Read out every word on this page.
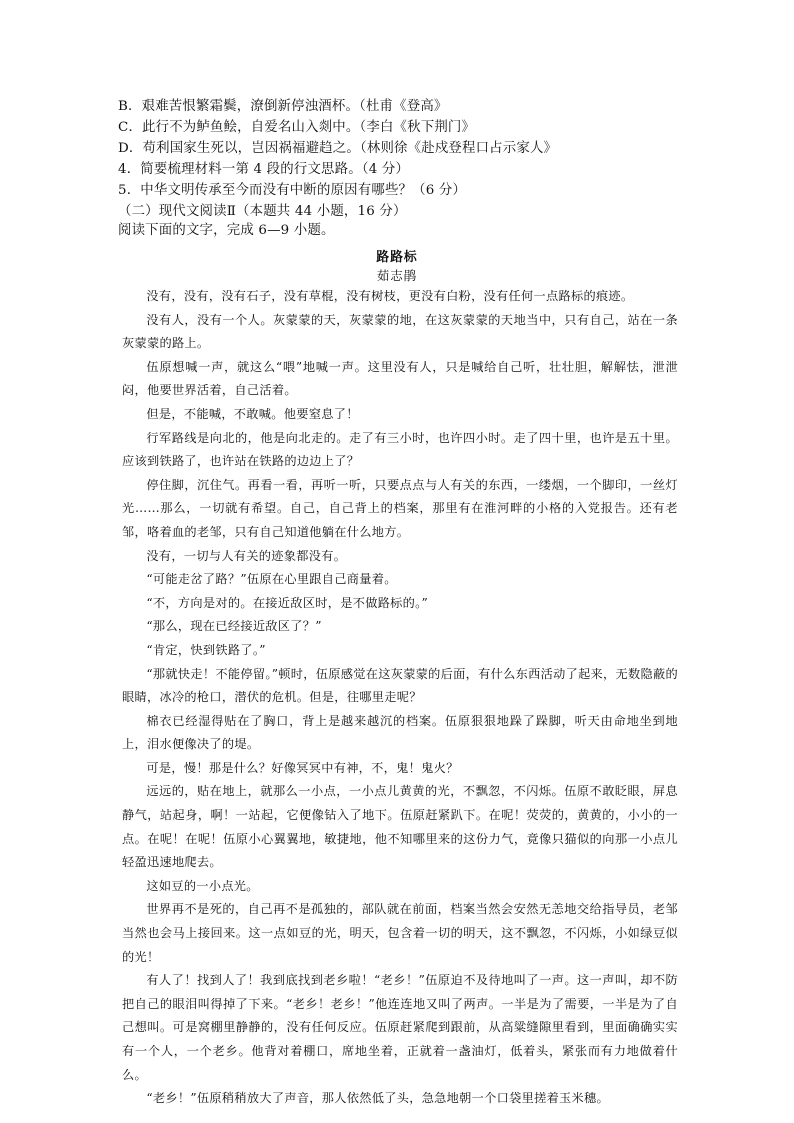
B．艰难苦恨繁霜鬓，潦倒新停浊酒杯。（杜甫《登高》
C．此行不为鲈鱼鲙，自爱名山入剡中。（李白《秋下荆门》
D．苟利国家生死以，岂因祸福避趋之。（林则徐《赴戍登程口占示家人》
4．简要梳理材料一第 4 段的行文思路。（4 分）
5．中华文明传承至今而没有中断的原因有哪些？（6 分）
（二）现代文阅读Ⅱ（本题共 44 小题，16 分）
阅读下面的文字，完成 6—9 小题。
路路标
茹志鹃

没有，没有，没有石子，没有草棍，没有树枝，更没有白粉，没有任何一点路标的痕迹。

没有人，没有一个人。灰蒙蒙的天，灰蒙蒙的地，在这灰蒙蒙的天地当中，只有自己，站在一条灰蒙蒙的路上。

伍原想喊一声，就这么“喂”地喊一声。这里没有人，只是喊给自己听，壮壮胆，解解怯，泄泄闷，他要世界活着，自己活着。

但是，不能喊，不敢喊。他要窒息了！

行军路线是向北的，他是向北走的。走了有三小时，也许四小时。走了四十里，也许是五十里。应该到铁路了，也许站在铁路的边边上了？

停住脚，沉住气。再看一看，再听一听，只要点点与人有关的东西，一缕烟，一个脚印，一丝灯光……那么，一切就有希望。自己，自己背上的档案，那里有在淮河畔的小格的入党报告。还有老邹，咯着血的老邹，只有自己知道他躺在什么地方。

没有，一切与人有关的迹象都没有。

“可能走岔了路？”伍原在心里跟自己商量着。

“不，方向是对的。在接近敌区时，是不做路标的。”

“那么，现在已经接近敌区了？”

“肯定，快到铁路了。”

“那就快走！不能停留。”顿时，伍原感觉在这灰蒙蒙的后面，有什么东西活动了起来，无数隐蔽的眼睛，冰冷的枪口，潜伏的危机。但是，往哪里走呢？

棉衣已经湿得贴在了胸口，背上是越来越沉的档案。伍原狠狠地跺了跺脚，听天由命地坐到地上，泪水便像决了的堤。

可是，慢！那是什么？好像冥冥中有神，不，鬼！鬼火？

远远的，贴在地上，就那么一小点，一小点儿黄黄的光，不飘忽，不闪烁。伍原不敢眨眼，屏息静气，站起身，啊！一站起，它便像钻入了地下。伍原赶紧趴下。在呢！荧荧的，黄黄的，小小的一点。在呢！在呢！伍原小心翼翼地，敏捷地，他不知哪里来的这份力气，竟像只猫似的向那一小点儿轻盈迅速地爬去。

这如豆的一小点光。

世界再不是死的，自己再不是孤独的，部队就在前面，档案当然会安然无恙地交给指导员，老邹当然也会马上接回来。这一点如豆的光，明天，包含着一切的明天，这不飘忽，不闪烁，小如绿豆似的光！

有人了！找到人了！我到底找到老乡啦！“老乡！”伍原迫不及待地叫了一声。这一声叫，却不防把自己的眼泪叫得掉了下来。“老乡！老乡！”他连连地又叫了两声。一半是为了需要，一半是为了自己想叫。可是窝棚里静静的，没有任何反应。伍原赶紧爬到跟前，从高粱缝隙里看到，里面确确实实有一个人，一个老乡。他背对着棚口，席地坐着，正就着一盏油灯，低着头，紧张而有力地做着什么。

“老乡！”伍原稍稍放大了声音，那人依然低了头，急急地朝一个口袋里搓着玉米穗。
